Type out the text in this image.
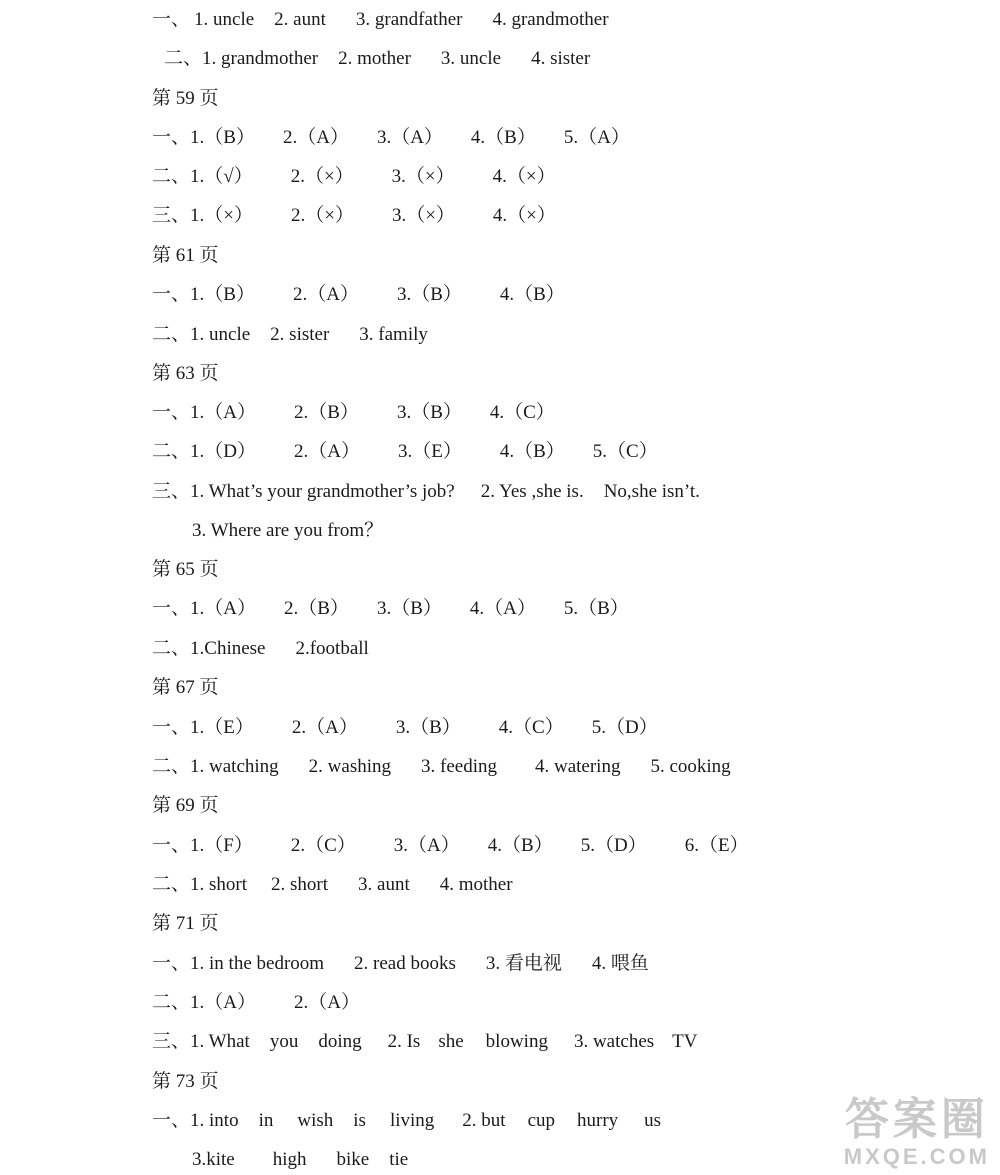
一、 1. uncle 2. aunt 3. grandfather 4. grandmother
二、1. grandmother 2. mother 3. uncle 4. sister
第 59 页
一、1.（B） 2.（A） 3.（A） 4.（B） 5.（A）
二、1.（√） 2.（×） 3.（×） 4.（×）
三、1.（×） 2.（×） 3.（×） 4.（×）
第 61 页
一、1.（B） 2.（A） 3.（B） 4.（B）
二、1. uncle 2. sister 3. family
第 63 页
一、1.（A） 2.（B） 3.（B） 4.（C）
二、1.（D） 2.（A） 3.（E） 4.（B） 5.（C）
三、1. What’s your grandmother’s job? 2. Yes ,she is. No,she isn’t.
3. Where are you from？
第 65 页
一、1.（A） 2.（B） 3.（B） 4.（A） 5.（B）
二、1.Chinese 2.football
第 67 页
一、1.（E） 2.（A） 3.（B） 4.（C） 5.（D）
二、1. watching 2. washing 3. feeding 4. watering 5. cooking
第 69 页
一、1.（F） 2.（C） 3.（A） 4.（B） 5.（D） 6.（E）
二、1. short 2. short 3. aunt 4. mother
第 71 页
一、1. in the bedroom 2. read books 3. 看电视 4. 喂鱼
二、1.（A） 2.（A）
三、1. What you doing 2. Is she blowing 3. watches TV
第 73 页
一、1. into in wish is living 2. but cup hurry us
3.kite high bike tie
答案圈
MXQE.COM
